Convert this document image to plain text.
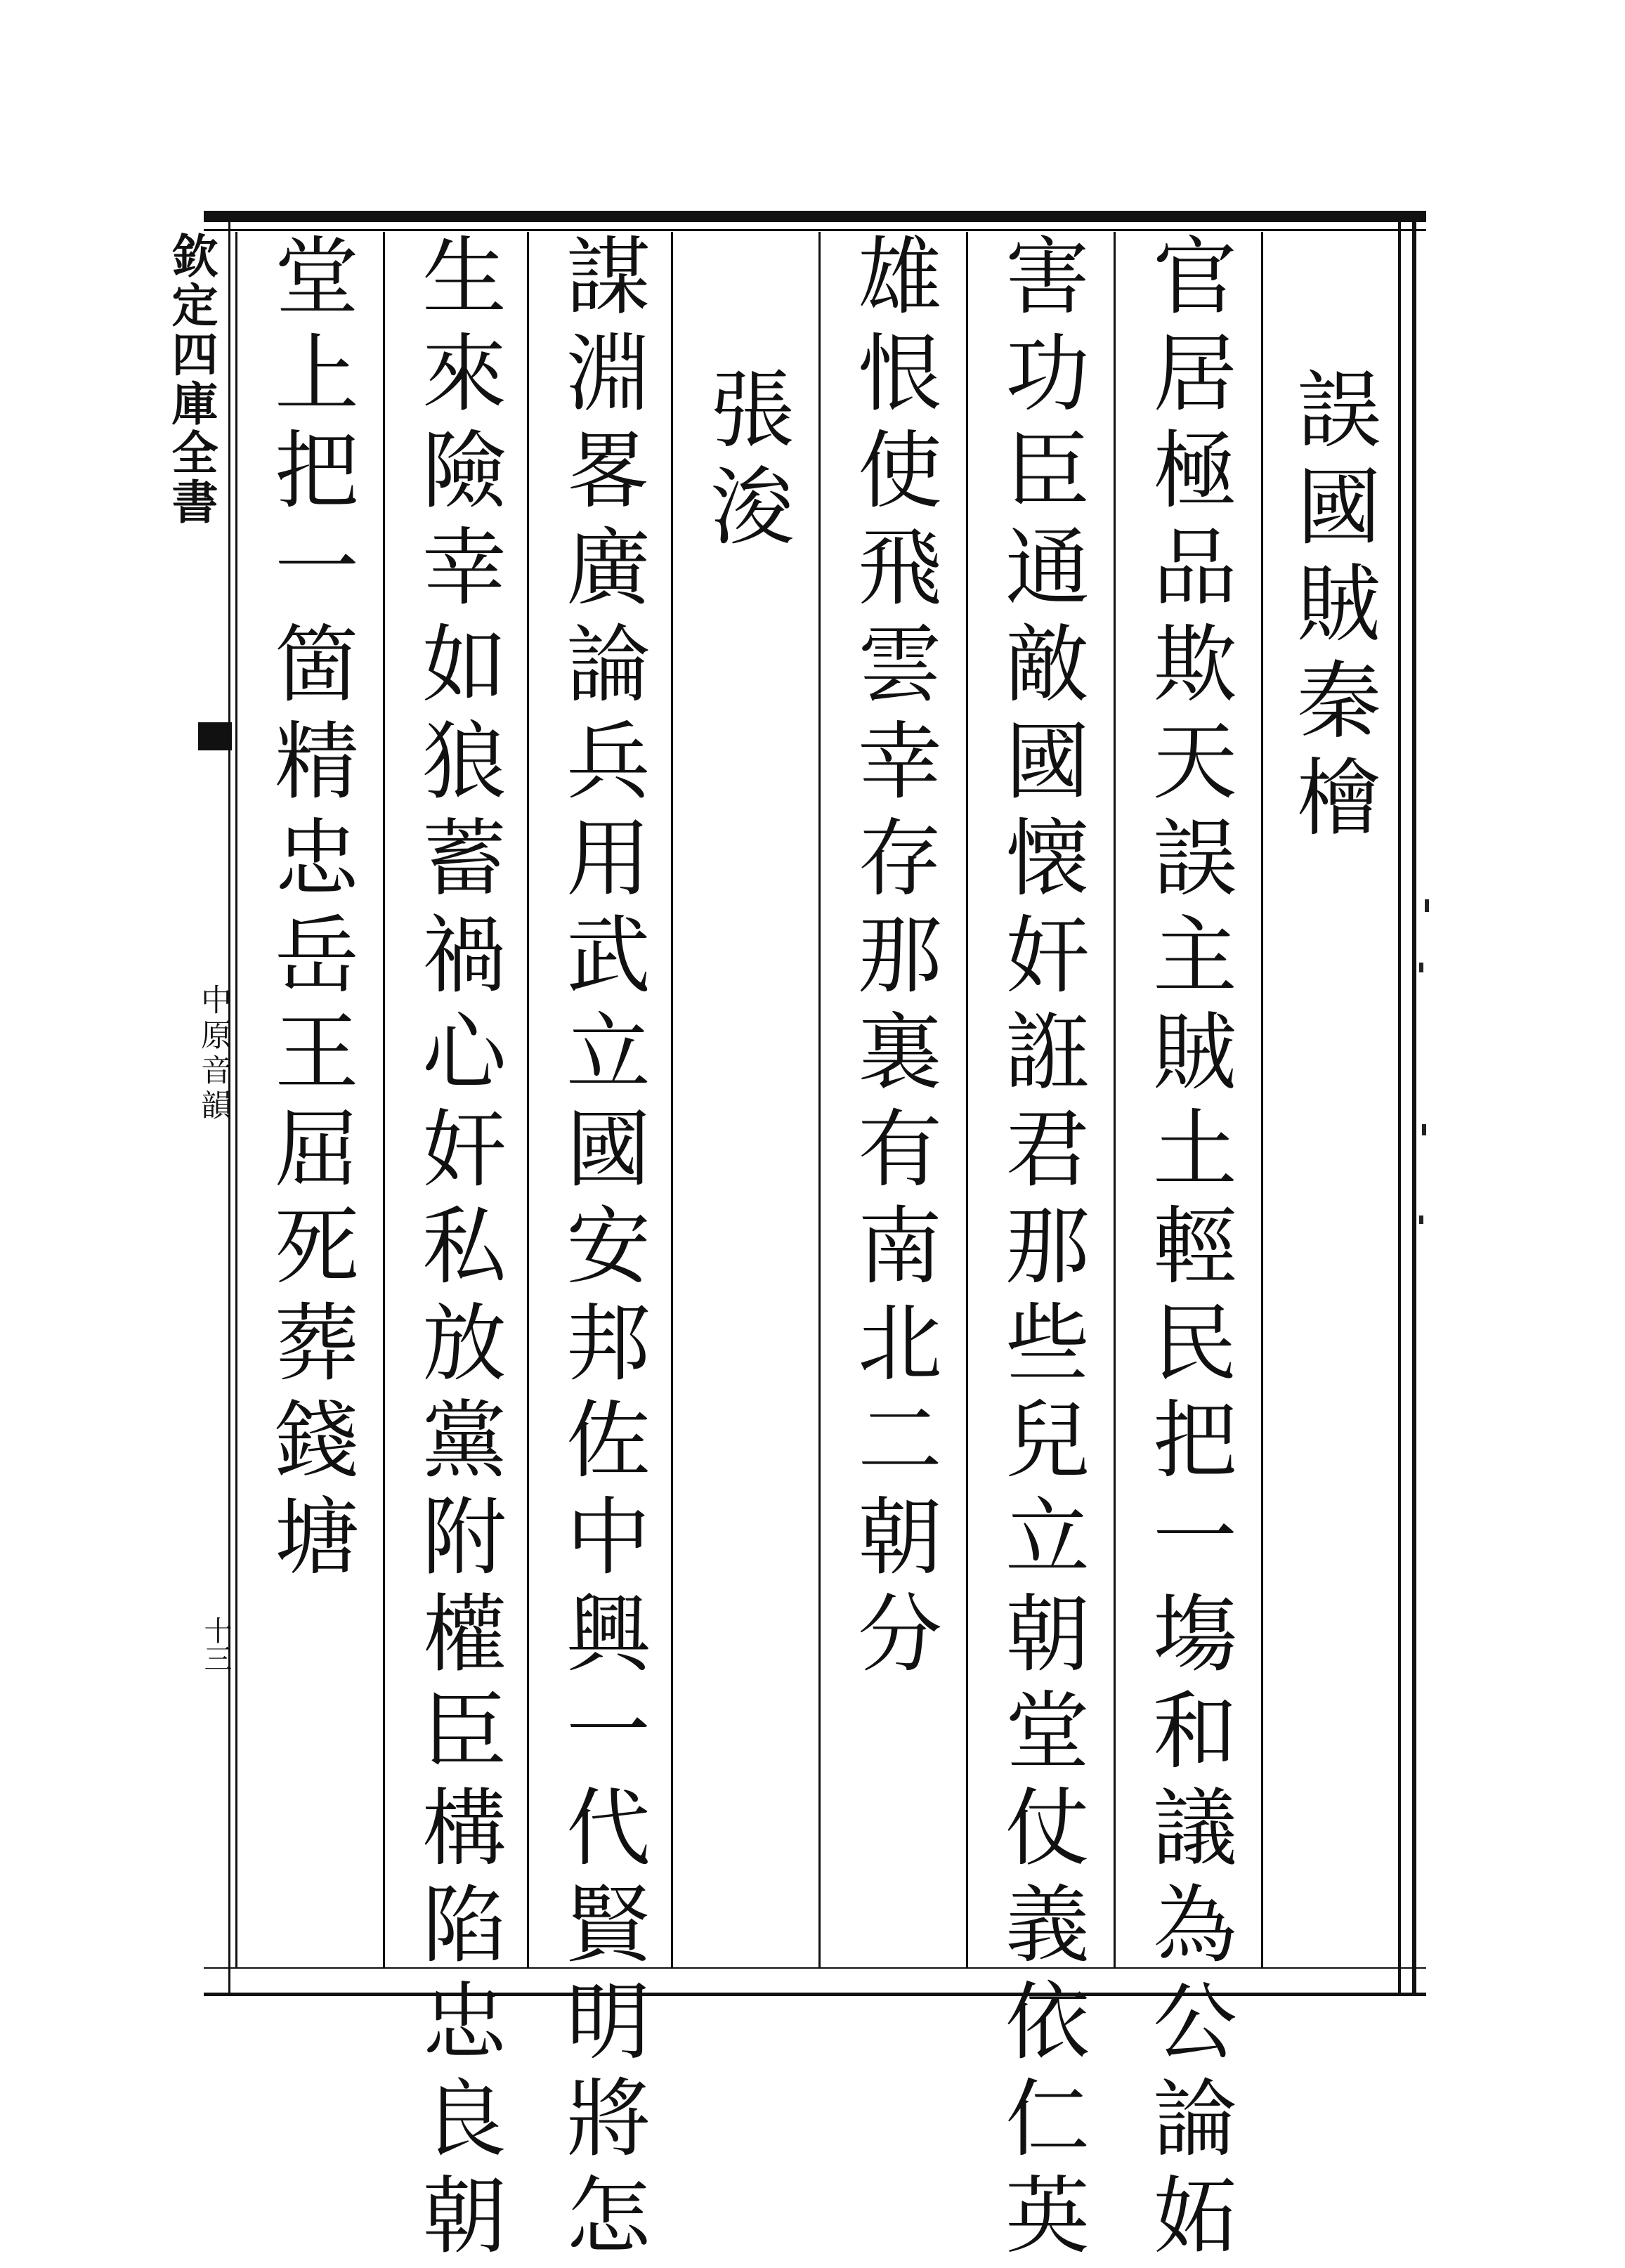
欽定四庫全書
中原音韻
十三
誤國賊秦檜
官居極品欺天誤主賊土輕民把一塲和議為公論妬
害功臣通敵國懐奸誑君那些兒立朝堂仗義依仁英
雄恨使飛雲幸存那裏有南北二朝分
張浚
謀淵畧廣論兵用武立國安邦佐中興一代賢明將怎
生來險幸如狼蓄禍心奸私放黨附權臣構陷忠良朝
堂上把一箇精忠岳王屈死葬錢塘
